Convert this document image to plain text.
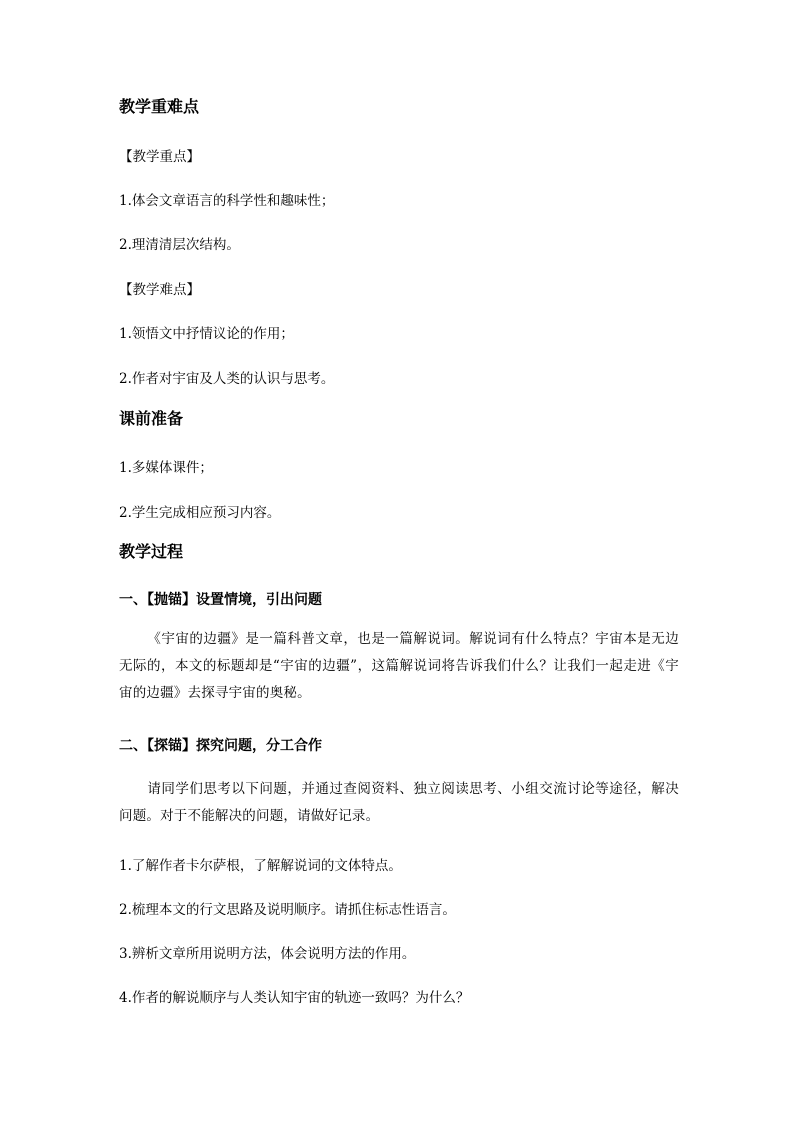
教学重难点
【教学重点】
1.体会文章语言的科学性和趣味性；
2.理清清层次结构。
【教学难点】
1.领悟文中抒情议论的作用；
2.作者对宇宙及人类的认识与思考。
课前准备
1.多媒体课件；
2.学生完成相应预习内容。
教学过程
一、【抛锚】设置情境，引出问题

《宇宙的边疆》是一篇科普文章，也是一篇解说词。解说词有什么特点？宇宙本是无边无际的，本文的标题却是“宇宙的边疆”，这篇解说词将告诉我们什么？让我们一起走进《宇宙的边疆》去探寻宇宙的奥秘。

二、【探锚】探究问题，分工合作

请同学们思考以下问题，并通过查阅资料、独立阅读思考、小组交流讨论等途径，解决问题。对于不能解决的问题，请做好记录。

1.了解作者卡尔萨根，了解解说词的文体特点。
2.梳理本文的行文思路及说明顺序。请抓住标志性语言。
3.辨析文章所用说明方法，体会说明方法的作用。
4.作者的解说顺序与人类认知宇宙的轨迹一致吗？为什么？
